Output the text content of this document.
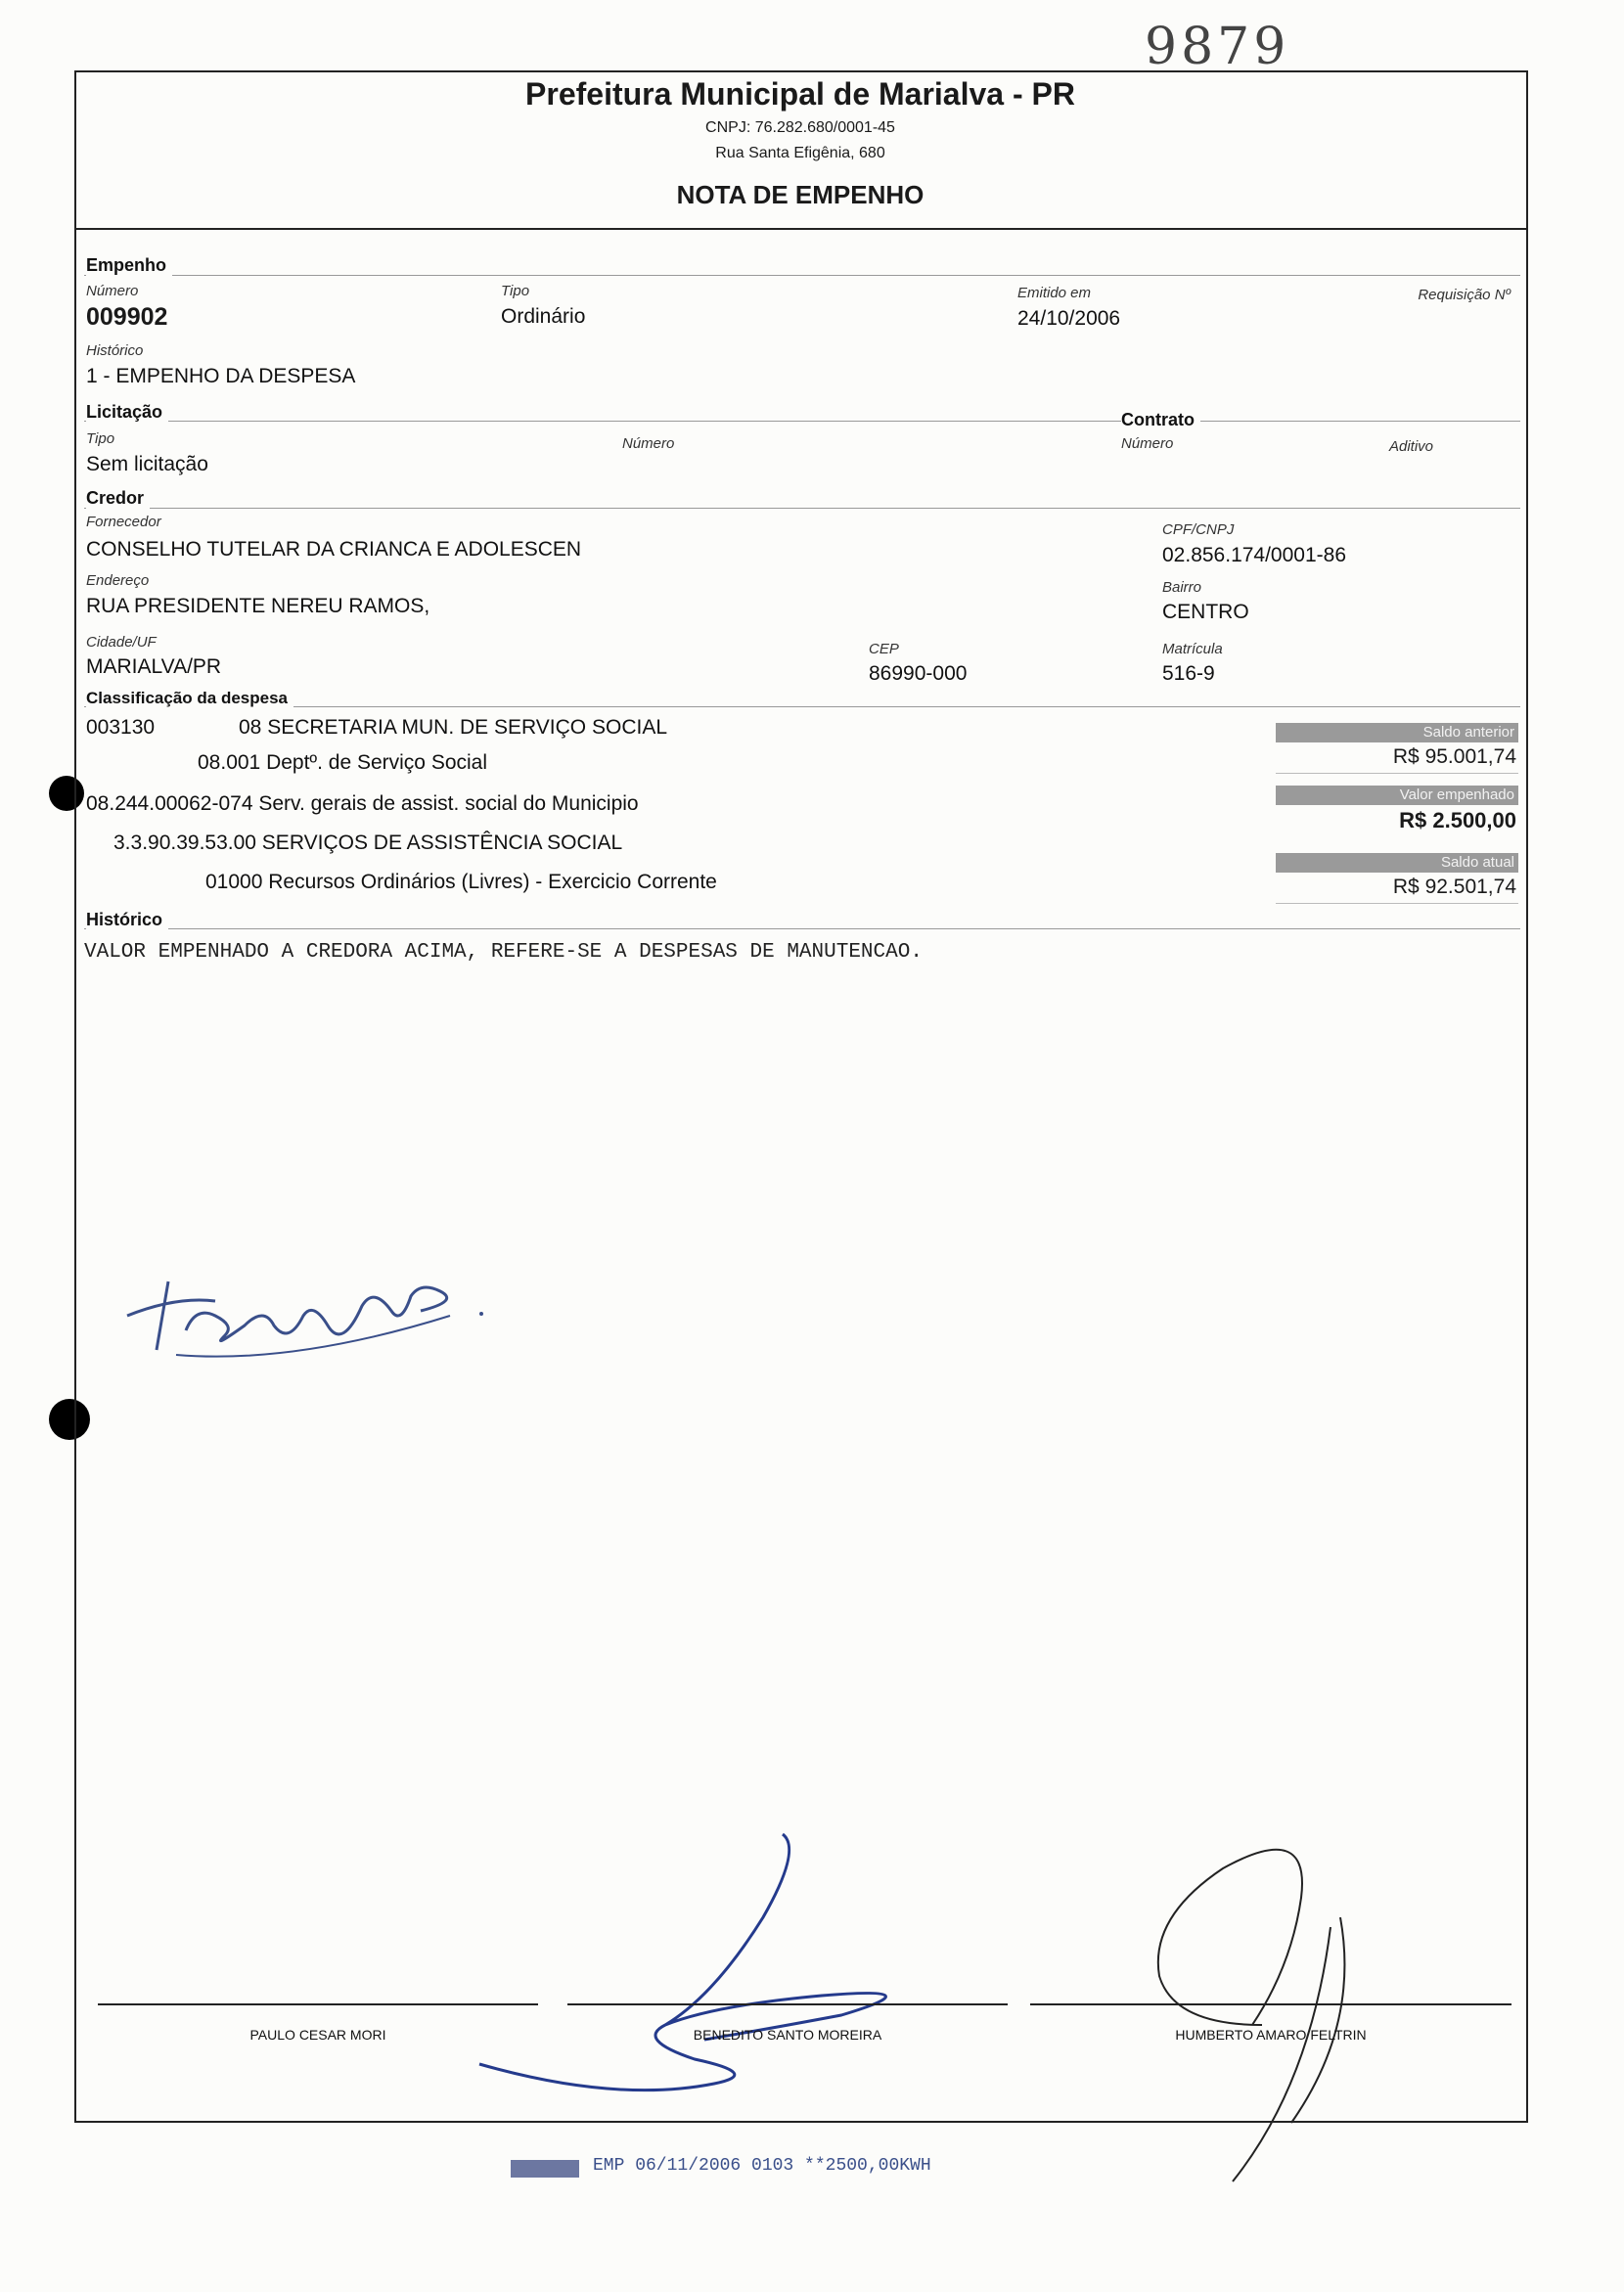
9879
Prefeitura Municipal de Marialva - PR
CNPJ: 76.282.680/0001-45
Rua Santa Efigênia, 680
NOTA DE EMPENHO
Empenho
Número
009902
Tipo
Ordinário
Emitido em
24/10/2006
Requisição Nº
Histórico
1 - EMPENHO DA DESPESA
Licitação	Contrato
Tipo
Sem licitação
Número	Número	Aditivo
Credor
Fornecedor
CONSELHO TUTELAR DA CRIANCA E ADOLESCEN
CPF/CNPJ
02.856.174/0001-86
Endereço
RUA PRESIDENTE NEREU RAMOS,
Bairro
CENTRO
Cidade/UF
MARIALVA/PR
CEP
86990-000
Matrícula
516-9
Classificação da despesa
003130	08 SECRETARIA MUN. DE SERVIÇO SOCIAL
08.001 Deptº. de Serviço Social
08.244.00062-074 Serv. gerais de assist. social do Municipio
3.3.90.39.53.00 SERVIÇOS DE ASSISTÊNCIA SOCIAL
01000 Recursos Ordinários (Livres) - Exercicio Corrente
Saldo anterior
R$ 95.001,74
Valor empenhado
R$ 2.500,00
Saldo atual
R$ 92.501,74
Histórico
VALOR EMPENHADO A CREDORA ACIMA, REFERE-SE A DESPESAS DE MANUTENCAO.
PAULO CESAR MORI	BENEDITO SANTO MOREIRA	HUMBERTO AMARO FELTRIN
EMP 06/11/2006 0103 **2500,00KWH
